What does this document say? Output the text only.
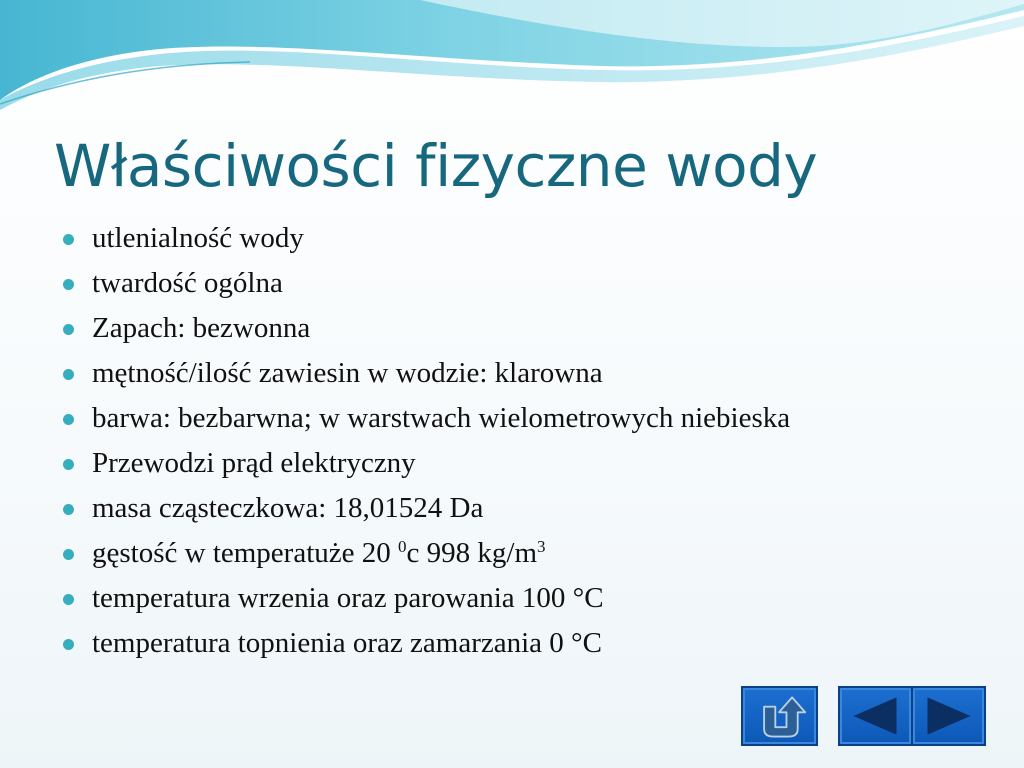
Właściwości fizyczne wody
utlenialność wody
twardość ogólna
Zapach: bezwonna
mętność/ilość zawiesin w wodzie: klarowna
barwa: bezbarwna; w warstwach wielometrowych niebieska
Przewodzi prąd elektryczny
masa cząsteczkowa: 18,01524 Da
gęstość w temperatuże 20 $^0$c 998 $kg/m^3$
temperatura wrzenia oraz parowania 100 °C
temperatura topnienia oraz zamarzania 0 °C
